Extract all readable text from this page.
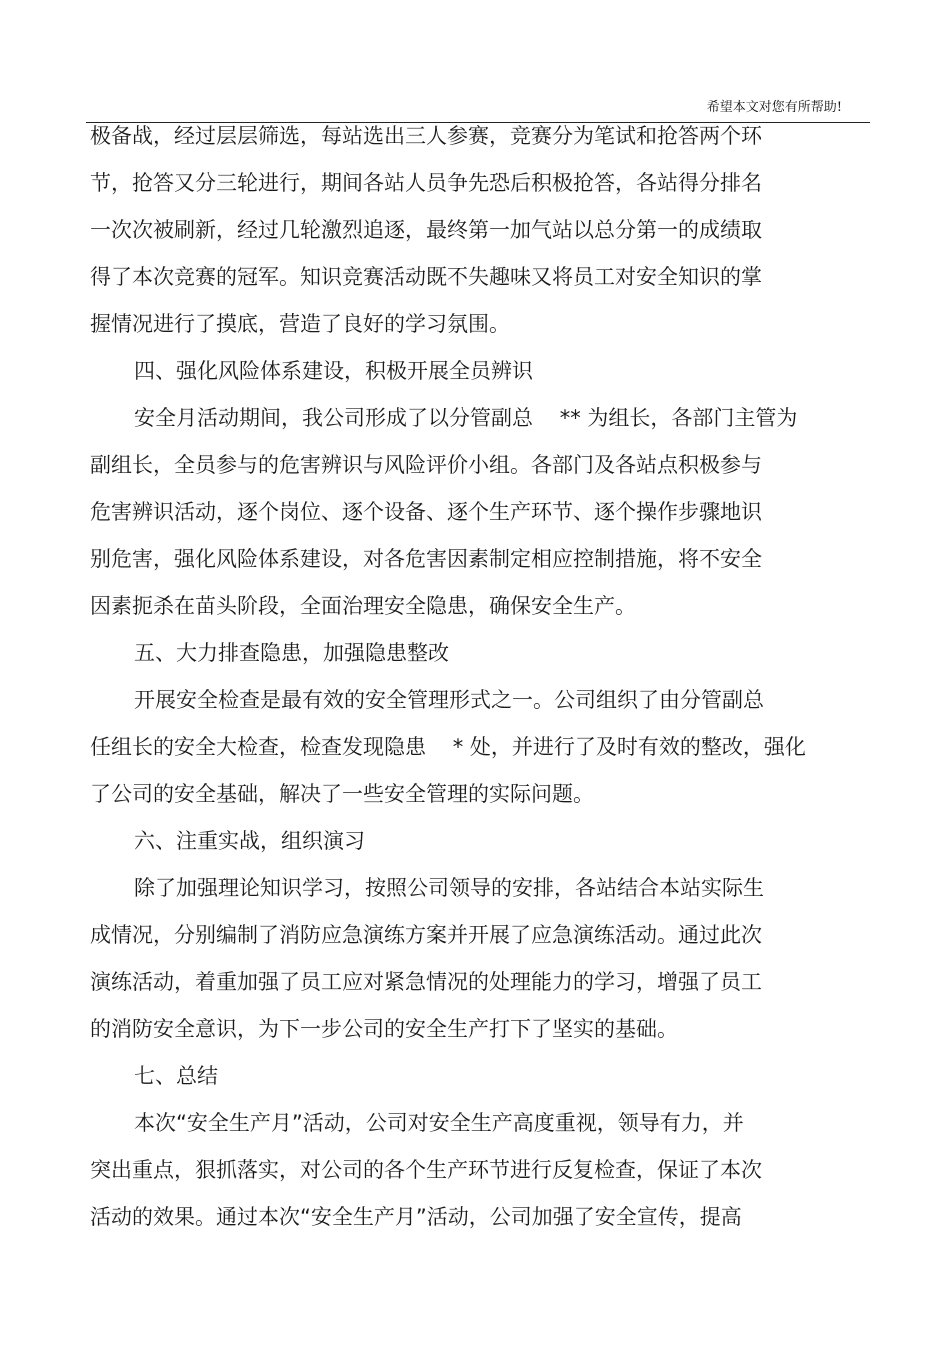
希望本文对您有所帮助!
极备战，经过层层筛选，每站选出三人参赛，竞赛分为笔试和抢答两个环
节，抢答又分三轮进行，期间各站人员争先恐后积极抢答，各站得分排名
一次次被刷新，经过几轮激烈追逐，最终第一加气站以总分第一的成绩取
得了本次竞赛的冠军。知识竞赛活动既不失趣味又将员工对安全知识的掌
握情况进行了摸底，营造了良好的学习氛围。
四、强化风险体系建设，积极开展全员辨识
安全月活动期间，我公司形成了以分管副总    ** 为组长，各部门主管为
副组长，全员参与的危害辨识与风险评价小组。各部门及各站点积极参与
危害辨识活动，逐个岗位、逐个设备、逐个生产环节、逐个操作步骤地识
别危害，强化风险体系建设，对各危害因素制定相应控制措施，将不安全
因素扼杀在苗头阶段，全面治理安全隐患，确保安全生产。
五、大力排查隐患，加强隐患整改
开展安全检查是最有效的安全管理形式之一。公司组织了由分管副总
任组长的安全大检查，检查发现隐患    * 处，并进行了及时有效的整改，强化
了公司的安全基础，解决了一些安全管理的实际问题。
六、注重实战，组织演习
除了加强理论知识学习，按照公司领导的安排，各站结合本站实际生
成情况，分别编制了消防应急演练方案并开展了应急演练活动。通过此次
演练活动，着重加强了员工应对紧急情况的处理能力的学习，增强了员工
的消防安全意识，为下一步公司的安全生产打下了坚实的基础。
七、总结
本次“安全生产月”活动，公司对安全生产高度重视，领导有力，并
突出重点，狠抓落实，对公司的各个生产环节进行反复检查，保证了本次
活动的效果。通过本次“安全生产月”活动，公司加强了安全宣传，提高
